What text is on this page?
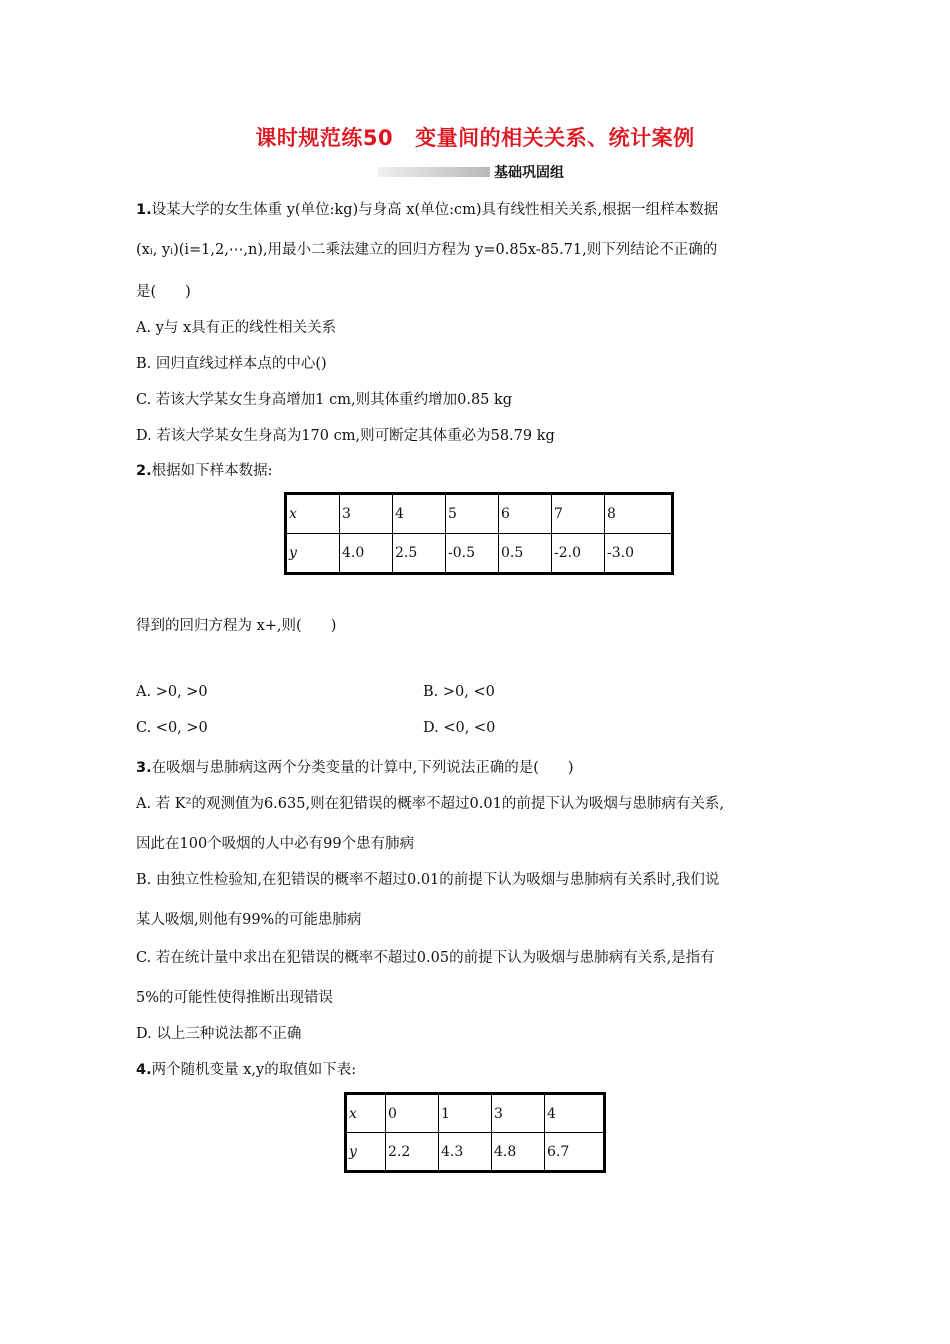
课时规范练50 变量间的相关关系、统计案例
基础巩固组
1.设某大学的女生体重 y(单位:kg)与身高 x(单位:cm)具有线性相关关系,根据一组样本数据
(xᵢ, yᵢ)(i=1,2,⋯,n),用最小二乘法建立的回归方程为 y=0.85x-85.71,则下列结论不正确的
是(　　)
A. y与 x具有正的线性相关关系
B. 回归直线过样本点的中心()
C. 若该大学某女生身高增加1 cm,则其体重约增加0.85 kg
D. 若该大学某女生身高为170 cm,则可断定其体重必为58.79 kg
2.根据如下样本数据:
x	3	4	5	6	7	8
y	4.0	2.5	-0.5	0.5	-2.0	-3.0
得到的回归方程为 x+,则(　　)
A. >0, >0	B. >0, <0
C. <0, >0	D. <0, <0
3.在吸烟与患肺病这两个分类变量的计算中,下列说法正确的是(　　)
A. 若 K²的观测值为6.635,则在犯错误的概率不超过0.01的前提下认为吸烟与患肺病有关系,
因此在100个吸烟的人中必有99个患有肺病
B. 由独立性检验知,在犯错误的概率不超过0.01的前提下认为吸烟与患肺病有关系时,我们说
某人吸烟,则他有99%的可能患肺病
C. 若在统计量中求出在犯错误的概率不超过0.05的前提下认为吸烟与患肺病有关系,是指有
5%的可能性使得推断出现错误
D. 以上三种说法都不正确
4.两个随机变量 x,y的取值如下表:
x	0	1	3	4
y	2.2	4.3	4.8	6.7
